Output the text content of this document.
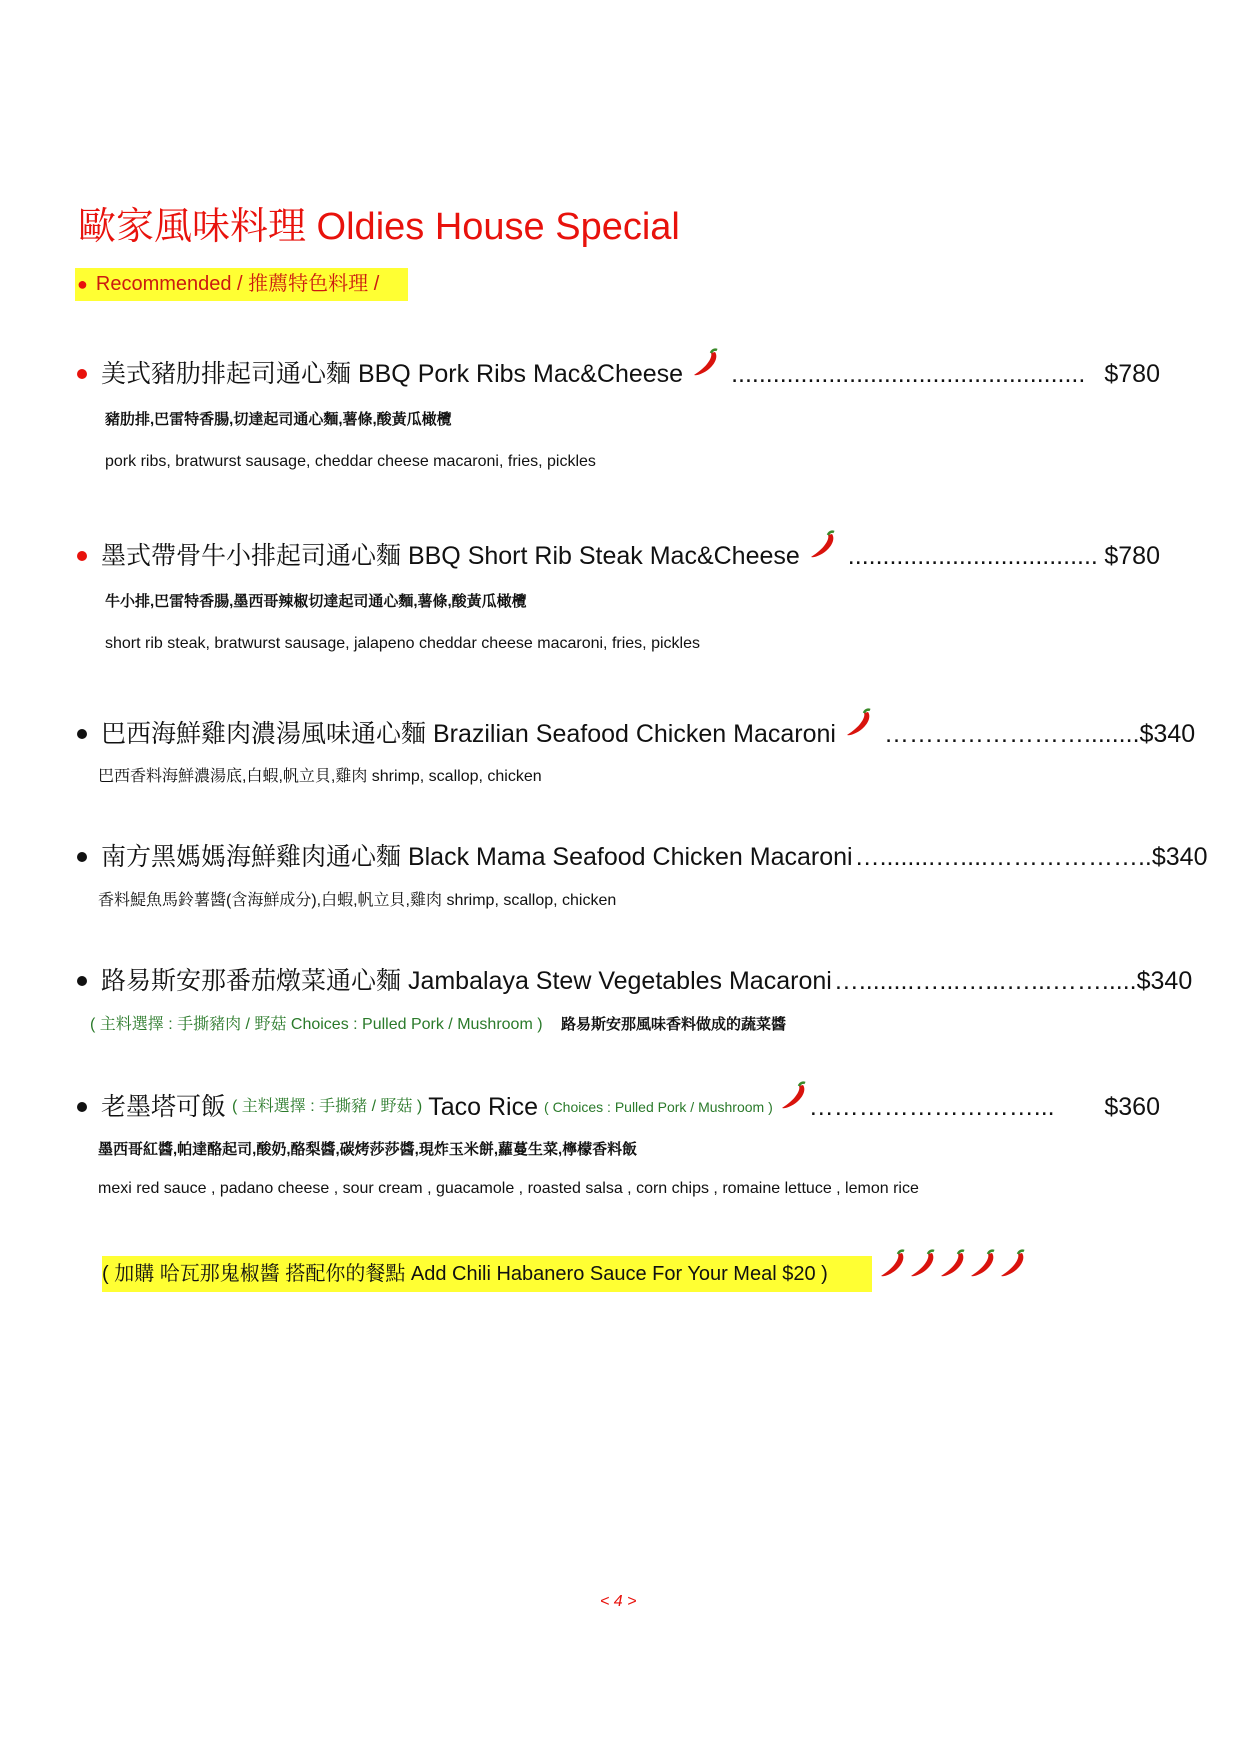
歐家風味料理 Oldies House Special
● Recommended / 推薦特色料理 /
美式豬肋排起司通心麵 BBQ Pork Ribs Mac&Cheese ................................................... $780
豬肋排,巴雷特香腸,切達起司通心麵,薯條,酸黃瓜橄欖
pork ribs, bratwurst sausage, cheddar cheese macaroni, fries, pickles
墨式帶骨牛小排起司通心麵 BBQ Short Rib Steak Mac&Cheese .................................... $780
牛小排,巴雷特香腸,墨西哥辣椒切達起司通心麵,薯條,酸黃瓜橄欖
short rib steak, bratwurst sausage, jalapeno cheddar cheese macaroni, fries, pickles
巴西海鮮雞肉濃湯風味通心麵 Brazilian Seafood Chicken Macaroni ……………………........ $340
巴西香料海鮮濃湯底,白蝦,帆立貝,雞肉 shrimp, scallop, chicken
南方黑媽媽海鮮雞肉通心麵 Black Mama Seafood Chicken Macaroni …........…....……………….. $340
香料鯷魚馬鈴薯醬(含海鮮成分),白蝦,帆立貝,雞肉 shrimp, scallop, chicken
路易斯安那番茄燉菜通心麵 Jambalaya Stew Vegetables Macaroni …........…...…...…...……..... $340
( 主料選擇 : 手撕豬肉 / 野菇 Choices : Pulled Pork / Mushroom ) 路易斯安那風味香料做成的蔬菜醬
老墨塔可飯 ( 主料選擇 : 手撕豬 / 野菇 ) Taco Rice ( Choices : Pulled Pork / Mushroom ) ………………………...	$360
墨西哥紅醬,帕達酪起司,酸奶,酪梨醬,碳烤莎莎醬,現炸玉米餅,蘿蔓生菜,檸檬香料飯
mexi red sauce , padano cheese , sour cream , guacamole , roasted salsa , corn chips , romaine lettuce , lemon rice
( 加購 哈瓦那鬼椒醬 搭配你的餐點 Add Chili Habanero Sauce For Your Meal $20 )
< 4 >
